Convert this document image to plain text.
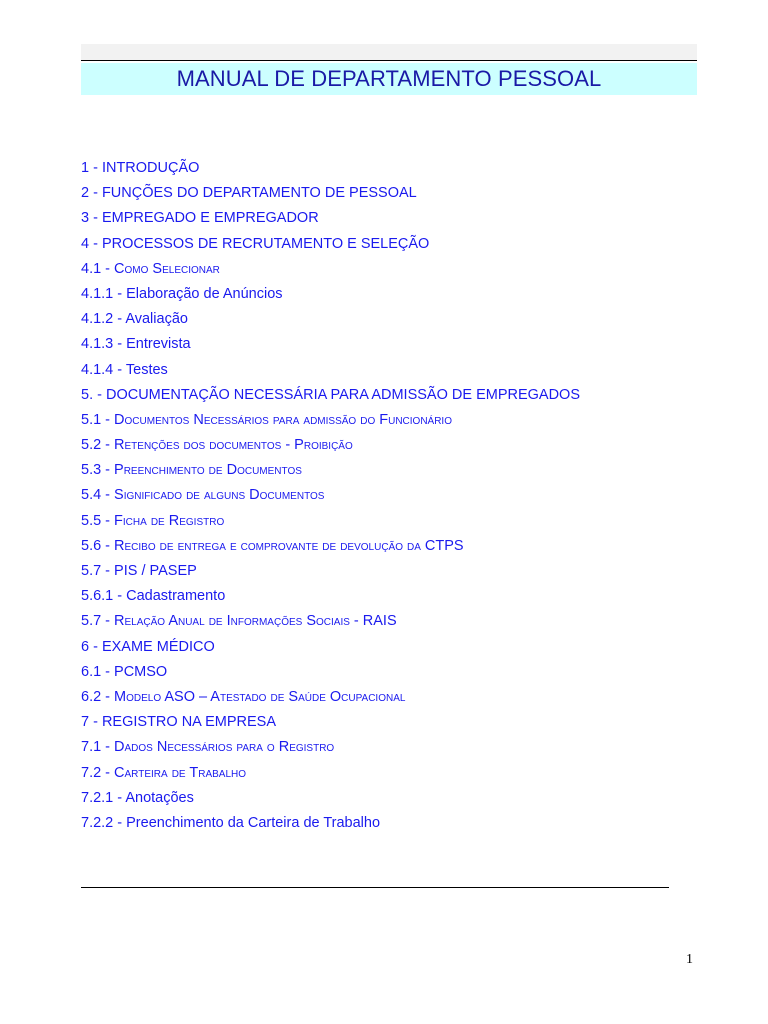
MANUAL DE DEPARTAMENTO PESSOAL
1 - INTRODUÇÃO
2 - FUNÇÕES DO DEPARTAMENTO DE PESSOAL
3 - EMPREGADO E EMPREGADOR
4 - PROCESSOS DE RECRUTAMENTO E SELEÇÃO
4.1 - Como Selecionar
4.1.1 - Elaboração de Anúncios
4.1.2 - Avaliação
4.1.3 - Entrevista
4.1.4 - Testes
5. - DOCUMENTAÇÃO NECESSÁRIA PARA ADMISSÃO DE EMPREGADOS
5.1 - Documentos Necessários para admissão do Funcionário
5.2 - Retenções dos documentos - Proibição
5.3 - Preenchimento de Documentos
5.4 - Significado de alguns Documentos
5.5 - Ficha de Registro
5.6 - Recibo de entrega e comprovante de devolução da CTPS
5.7 - PIS / PASEP
5.6.1 - Cadastramento
5.7 - Relação Anual de Informações Sociais - RAIS
6 - EXAME MÉDICO
6.1 - PCMSO
6.2 - Modelo ASO – Atestado de Saúde Ocupacional
7 - REGISTRO NA EMPRESA
7.1 - Dados Necessários para o Registro
7.2 - Carteira de Trabalho
7.2.1 - Anotações
7.2.2 - Preenchimento da Carteira de Trabalho
1
